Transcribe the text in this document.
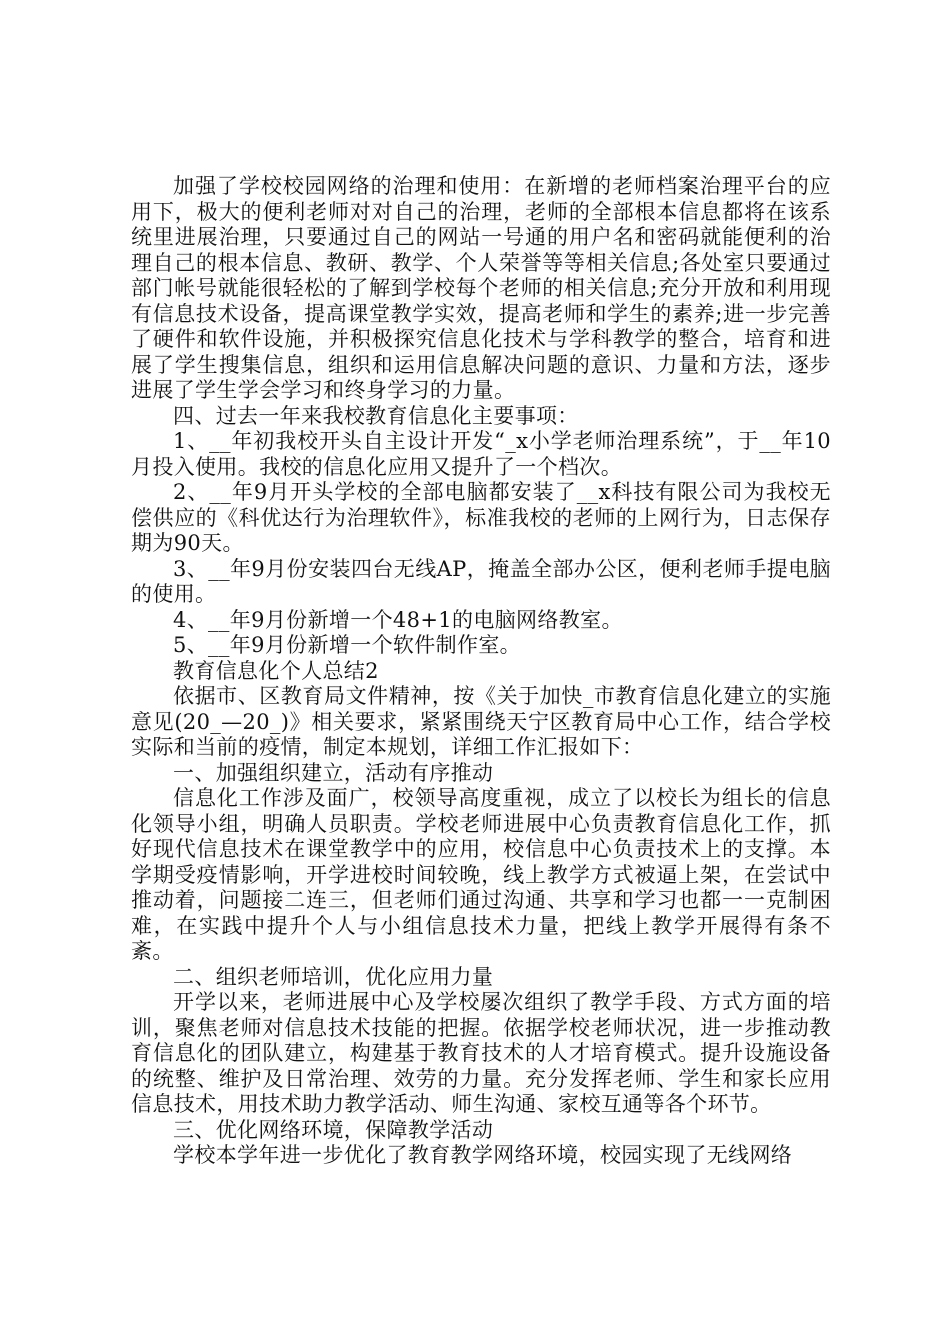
加强了学校校园网络的治理和使用：在新增的老师档案治理平台的应用下，极大的便利老师对对自己的治理，老师的全部根本信息都将在该系统里进展治理，只要通过自己的网站一号通的用户名和密码就能便利的治理自己的根本信息、教研、教学、个人荣誉等等相关信息;各处室只要通过部门帐号就能很轻松的了解到学校每个老师的相关信息;充分开放和利用现有信息技术设备，提高课堂教学实效，提高老师和学生的素养;进一步完善了硬件和软件设施，并积极探究信息化技术与学科教学的整合，培育和进展了学生搜集信息，组织和运用信息解决问题的意识、力量和方法，逐步进展了学生学会学习和终身学习的力量。

四、过去一年来我校教育信息化主要事项：

1、__年初我校开头自主设计开发“_x小学老师治理系统”，于__年10月投入使用。我校的信息化应用又提升了一个档次。

2、__年9月开头学校的全部电脑都安装了__x科技有限公司为我校无偿供应的《科优达行为治理软件》，标准我校的老师的上网行为，日志保存期为90天。

3、__年9月份安装四台无线AP，掩盖全部办公区，便利老师手提电脑的使用。

4、__年9月份新增一个48+1的电脑网络教室。

5、__年9月份新增一个软件制作室。

教育信息化个人总结2

依据市、区教育局文件精神，按《关于加快_市教育信息化建立的实施意见(20_—20_)》相关要求，紧紧围绕天宁区教育局中心工作，结合学校实际和当前的疫情，制定本规划，详细工作汇报如下：

一、加强组织建立，活动有序推动

信息化工作涉及面广，校领导高度重视，成立了以校长为组长的信息化领导小组，明确人员职责。学校老师进展中心负责教育信息化工作，抓好现代信息技术在课堂教学中的应用，校信息中心负责技术上的支撑。本学期受疫情影响，开学进校时间较晚，线上教学方式被逼上架，在尝试中推动着，问题接二连三，但老师们通过沟通、共享和学习也都一一克制困难，在实践中提升个人与小组信息技术力量，把线上教学开展得有条不紊。

二、组织老师培训，优化应用力量

开学以来，老师进展中心及学校屡次组织了教学手段、方式方面的培训，聚焦老师对信息技术技能的把握。依据学校老师状况，进一步推动教育信息化的团队建立，构建基于教育技术的人才培育模式。提升设施设备的统整、维护及日常治理、效劳的力量。充分发挥老师、学生和家长应用信息技术，用技术助力教学活动、师生沟通、家校互通等各个环节。

三、优化网络环境，保障教学活动

学校本学年进一步优化了教育教学网络环境，校园实现了无线网络
